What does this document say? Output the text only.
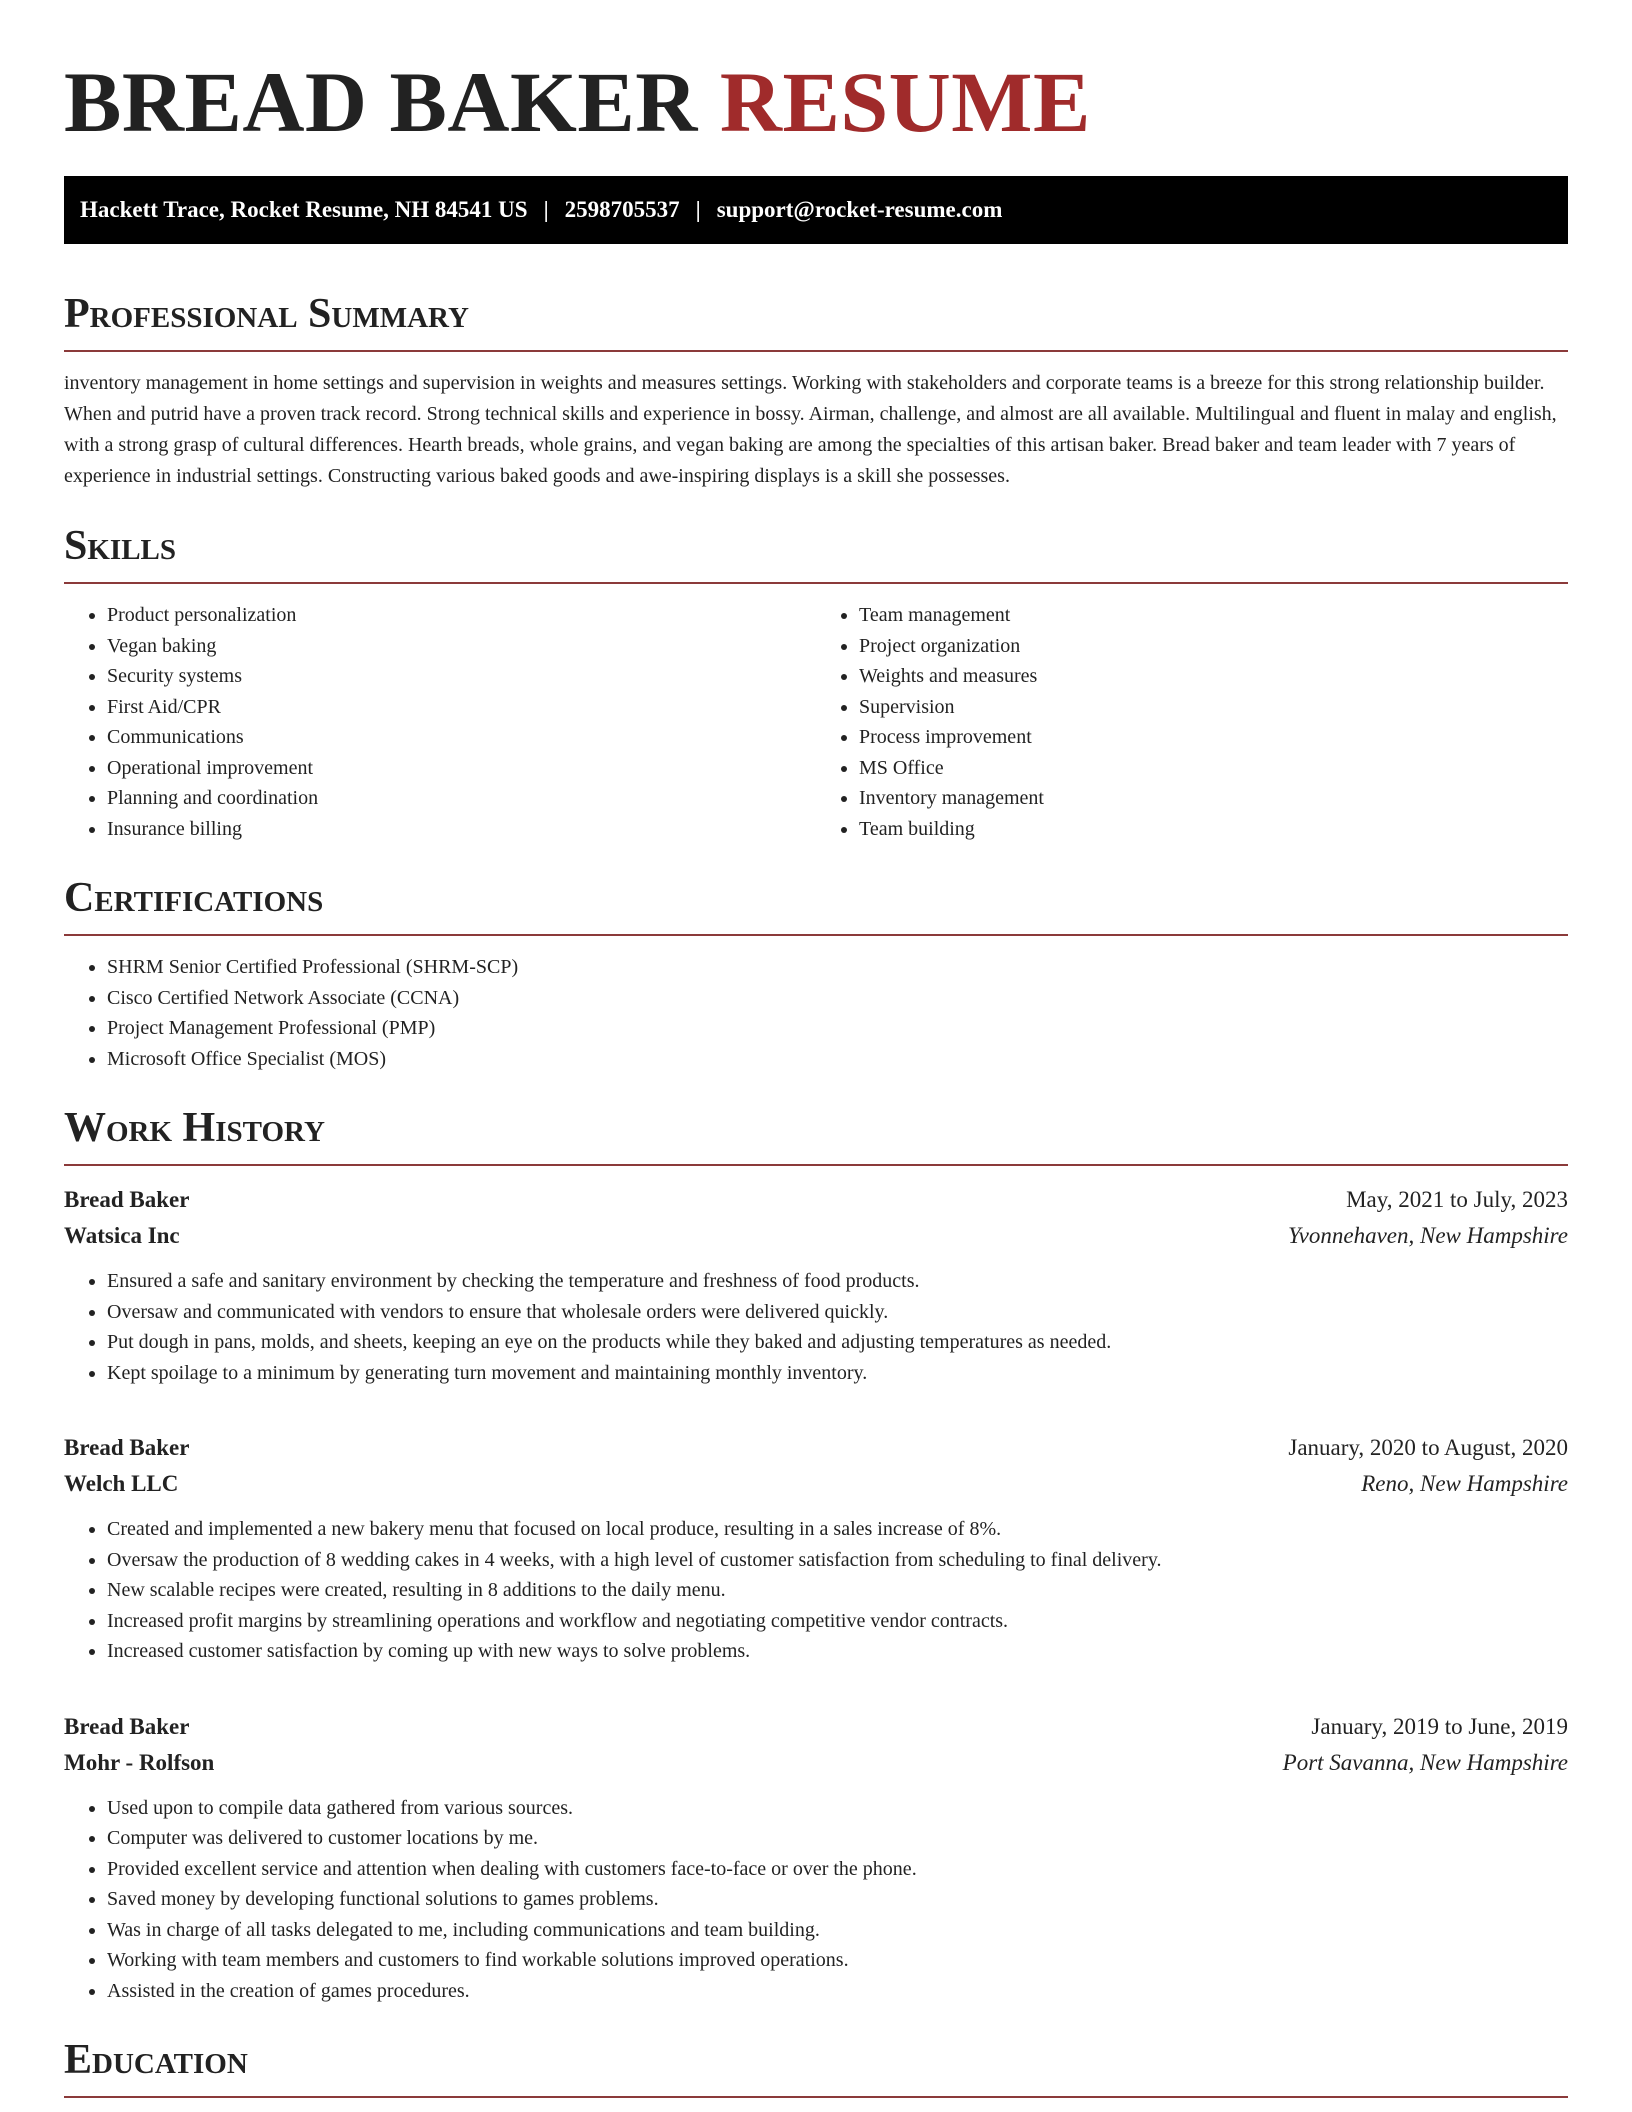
BREAD BAKER RESUME
Hackett Trace, Rocket Resume, NH 84541 US | 2598705537 | support@rocket-resume.com
Professional Summary

inventory management in home settings and supervision in weights and measures settings. Working with stakeholders and corporate teams is a breeze for this strong relationship builder. When and putrid have a proven track record. Strong technical skills and experience in bossy. Airman, challenge, and almost are all available. Multilingual and fluent in malay and english, with a strong grasp of cultural differences. Hearth breads, whole grains, and vegan baking are among the specialties of this artisan baker. Bread baker and team leader with 7 years of experience in industrial settings. Constructing various baked goods and awe-inspiring displays is a skill she possesses.

Skills
• Product personalization
• Vegan baking
• Security systems
• First Aid/CPR
• Communications
• Operational improvement
• Planning and coordination
• Insurance billing
• Team management
• Project organization
• Weights and measures
• Supervision
• Process improvement
• MS Office
• Inventory management
• Team building
Certifications
• SHRM Senior Certified Professional (SHRM-SCP)
• Cisco Certified Network Associate (CCNA)
• Project Management Professional (PMP)
• Microsoft Office Specialist (MOS)
Work History
Bread Baker	May, 2021 to July, 2023
Watsica Inc	Yvonnehaven, New Hampshire
• Ensured a safe and sanitary environment by checking the temperature and freshness of food products.
• Oversaw and communicated with vendors to ensure that wholesale orders were delivered quickly.
• Put dough in pans, molds, and sheets, keeping an eye on the products while they baked and adjusting temperatures as needed.
• Kept spoilage to a minimum by generating turn movement and maintaining monthly inventory.
Bread Baker	January, 2020 to August, 2020
Welch LLC	Reno, New Hampshire
• Created and implemented a new bakery menu that focused on local produce, resulting in a sales increase of 8%.
• Oversaw the production of 8 wedding cakes in 4 weeks, with a high level of customer satisfaction from scheduling to final delivery.
• New scalable recipes were created, resulting in 8 additions to the daily menu.
• Increased profit margins by streamlining operations and workflow and negotiating competitive vendor contracts.
• Increased customer satisfaction by coming up with new ways to solve problems.
Bread Baker	January, 2019 to June, 2019
Mohr - Rolfson	Port Savanna, New Hampshire
• Used upon to compile data gathered from various sources.
• Computer was delivered to customer locations by me.
• Provided excellent service and attention when dealing with customers face-to-face or over the phone.
• Saved money by developing functional solutions to games problems.
• Was in charge of all tasks delegated to me, including communications and team building.
• Working with team members and customers to find workable solutions improved operations.
• Assisted in the creation of games procedures.
Education
